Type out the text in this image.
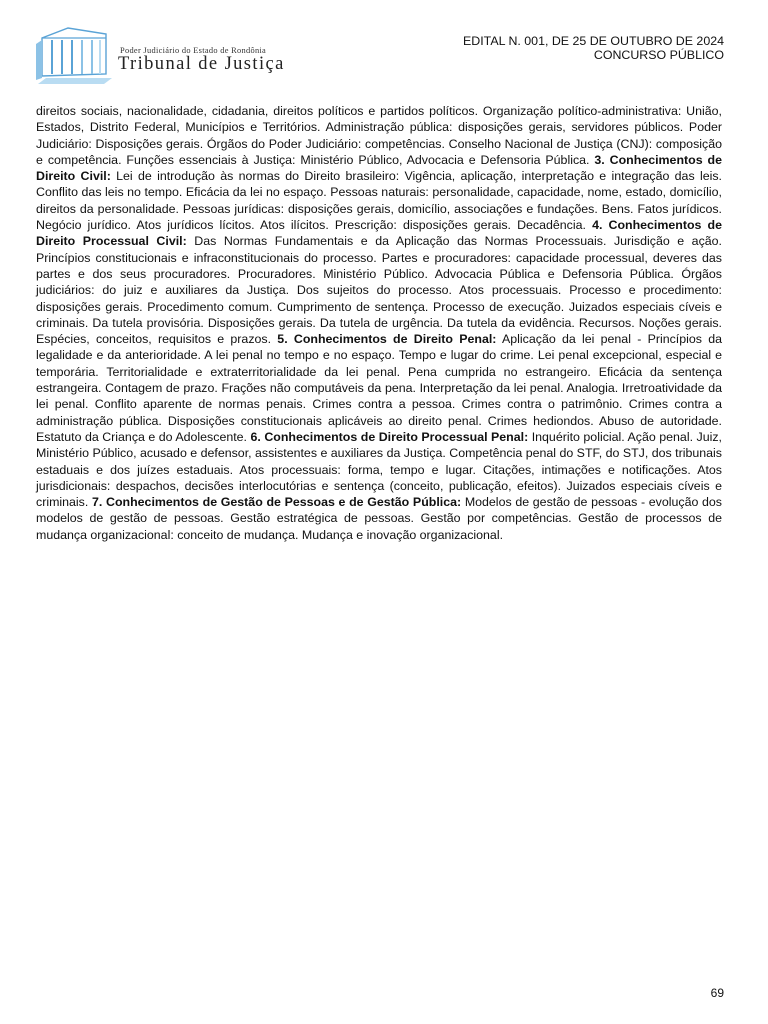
Poder Judiciário do Estado de Rondônia
Tribunal de Justiça
EDITAL N. 001, DE 25 DE OUTUBRO DE 2024
CONCURSO PÚBLICO
direitos sociais, nacionalidade, cidadania, direitos políticos e partidos políticos. Organização político-administrativa: União, Estados, Distrito Federal, Municípios e Territórios. Administração pública: disposições gerais, servidores públicos. Poder Judiciário: Disposições gerais. Órgãos do Poder Judiciário: competências. Conselho Nacional de Justiça (CNJ): composição e competência. Funções essenciais à Justiça: Ministério Público, Advocacia e Defensoria Pública. 3. Conhecimentos de Direito Civil: Lei de introdução às normas do Direito brasileiro: Vigência, aplicação, interpretação e integração das leis. Conflito das leis no tempo. Eficácia da lei no espaço. Pessoas naturais: personalidade, capacidade, nome, estado, domicílio, direitos da personalidade. Pessoas jurídicas: disposições gerais, domicílio, associações e fundações. Bens. Fatos jurídicos. Negócio jurídico. Atos jurídicos lícitos. Atos ilícitos. Prescrição: disposições gerais. Decadência. 4. Conhecimentos de Direito Processual Civil: Das Normas Fundamentais e da Aplicação das Normas Processuais. Jurisdição e ação. Princípios constitucionais e infraconstitucionais do processo. Partes e procuradores: capacidade processual, deveres das partes e dos seus procuradores. Procuradores. Ministério Público. Advocacia Pública e Defensoria Pública. Órgãos judiciários: do juiz e auxiliares da Justiça. Dos sujeitos do processo. Atos processuais. Processo e procedimento: disposições gerais. Procedimento comum. Cumprimento de sentença. Processo de execução. Juizados especiais cíveis e criminais. Da tutela provisória. Disposições gerais. Da tutela de urgência. Da tutela da evidência. Recursos. Noções gerais. Espécies, conceitos, requisitos e prazos. 5. Conhecimentos de Direito Penal: Aplicação da lei penal - Princípios da legalidade e da anterioridade. A lei penal no tempo e no espaço. Tempo e lugar do crime. Lei penal excepcional, especial e temporária. Territorialidade e extraterritorialidade da lei penal. Pena cumprida no estrangeiro. Eficácia da sentença estrangeira. Contagem de prazo. Frações não computáveis da pena. Interpretação da lei penal. Analogia. Irretroatividade da lei penal. Conflito aparente de normas penais. Crimes contra a pessoa. Crimes contra o patrimônio. Crimes contra a administração pública. Disposições constitucionais aplicáveis ao direito penal. Crimes hediondos. Abuso de autoridade. Estatuto da Criança e do Adolescente. 6. Conhecimentos de Direito Processual Penal: Inquérito policial. Ação penal. Juiz, Ministério Público, acusado e defensor, assistentes e auxiliares da Justiça. Competência penal do STF, do STJ, dos tribunais estaduais e dos juízes estaduais. Atos processuais: forma, tempo e lugar. Citações, intimações e notificações. Atos jurisdicionais: despachos, decisões interlocutórias e sentença (conceito, publicação, efeitos). Juizados especiais cíveis e criminais. 7. Conhecimentos de Gestão de Pessoas e de Gestão Pública: Modelos de gestão de pessoas - evolução dos modelos de gestão de pessoas. Gestão estratégica de pessoas. Gestão por competências. Gestão de processos de mudança organizacional: conceito de mudança. Mudança e inovação organizacional.
69
